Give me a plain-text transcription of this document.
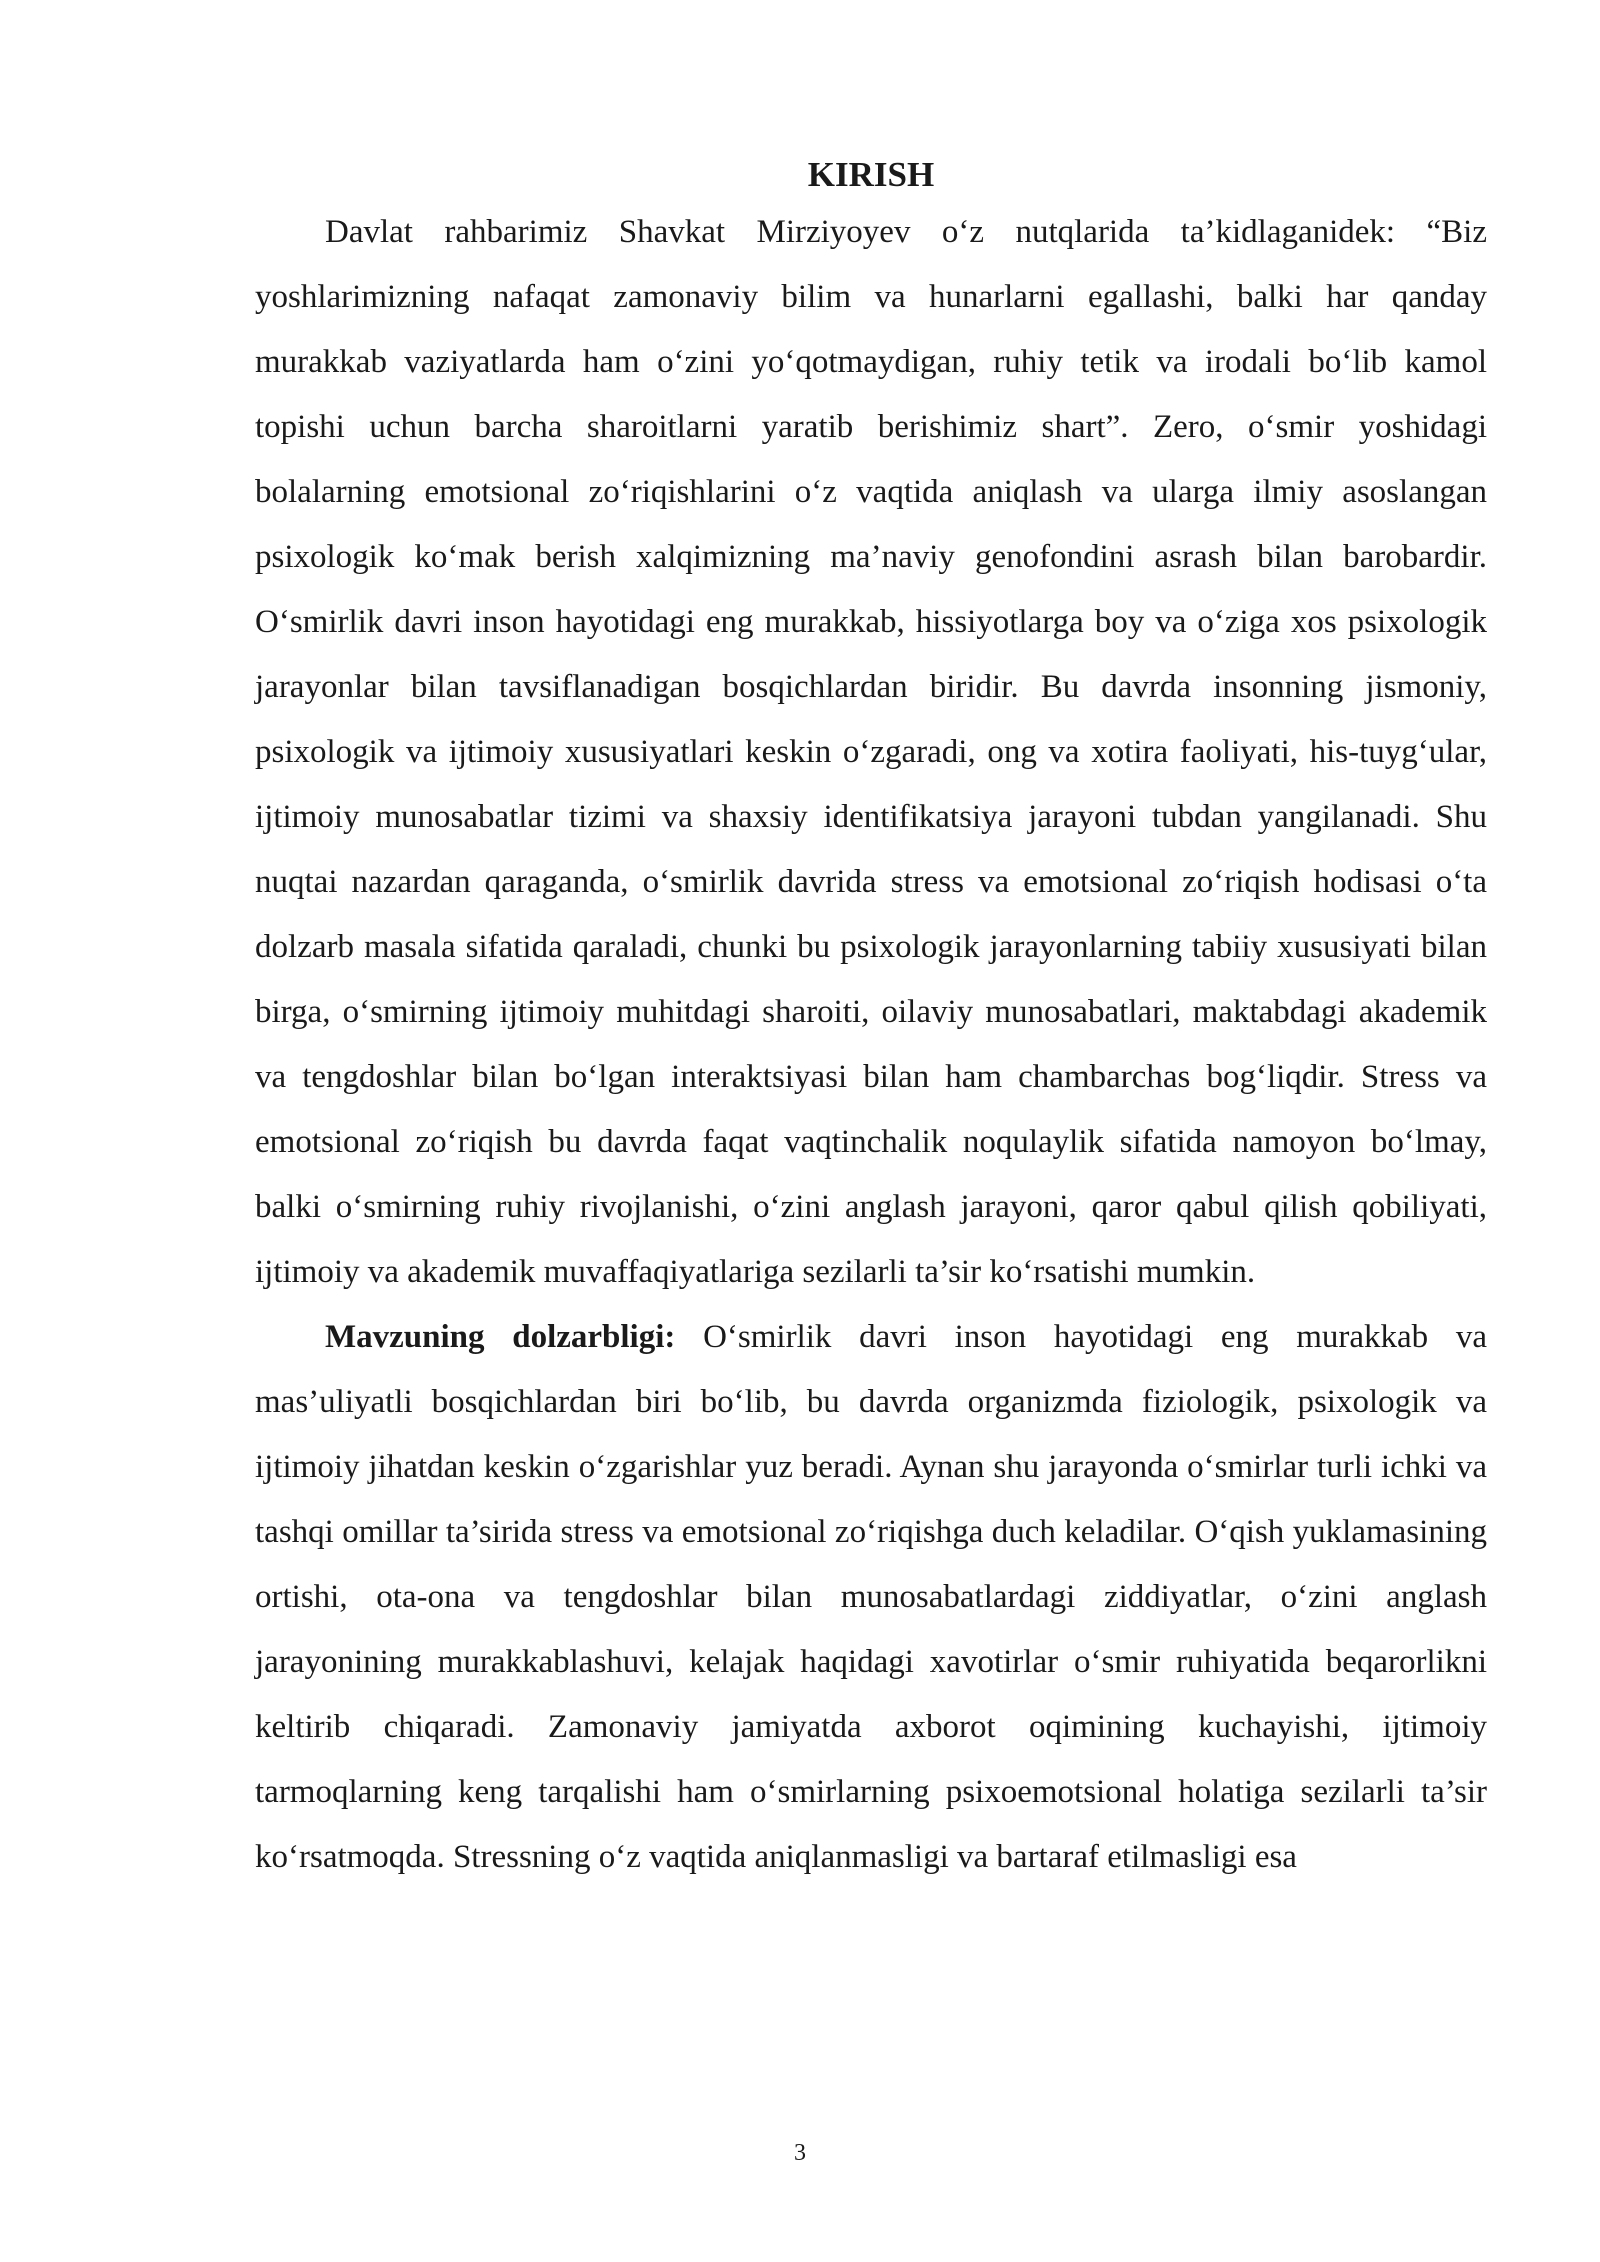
KIRISH

Davlat rahbarimiz Shavkat Mirziyoyev o‘z nutqlarida ta’kidlaganidek: “Biz yoshlarimizning nafaqat zamonaviy bilim va hunarlarni egallashi, balki har qanday murakkab vaziyatlarda ham o‘zini yo‘qotmaydigan, ruhiy tetik va irodali bo‘lib kamol topishi uchun barcha sharoitlarni yaratib berishimiz shart”. Zero, o‘smir yoshidagi bolalarning emotsional zo‘riqishlarini o‘z vaqtida aniqlash va ularga ilmiy asoslangan psixologik ko‘mak berish xalqimizning ma’naviy genofondini asrash bilan barobardir. O‘smirlik davri inson hayotidagi eng murakkab, hissiyotlarga boy va o‘ziga xos psixologik jarayonlar bilan tavsiflanadigan bosqichlardan biridir. Bu davrda insonning jismoniy, psixologik va ijtimoiy xususiyatlari keskin o‘zgaradi, ong va xotira faoliyati, his-tuyg‘ular, ijtimoiy munosabatlar tizimi va shaxsiy identifikatsiya jarayoni tubdan yangilanadi. Shu nuqtai nazardan qaraganda, o‘smirlik davrida stress va emotsional zo‘riqish hodisasi o‘ta dolzarb masala sifatida qaraladi, chunki bu psixologik jarayonlarning tabiiy xususiyati bilan birga, o‘smirning ijtimoiy muhitdagi sharoiti, oilaviy munosabatlari, maktabdagi akademik va tengdoshlar bilan bo‘lgan interaktsiyasi bilan ham chambarchas bog‘liqdir. Stress va emotsional zo‘riqish bu davrda faqat vaqtinchalik noqulaylik sifatida namoyon bo‘lmay, balki o‘smirning ruhiy rivojlanishi, o‘zini anglash jarayoni, qaror qabul qilish qobiliyati, ijtimoiy va akademik muvaffaqiyatlariga sezilarli ta’sir ko‘rsatishi mumkin.

Mavzuning dolzarbligi: O‘smirlik davri inson hayotidagi eng murakkab va mas’uliyatli bosqichlardan biri bo‘lib, bu davrda organizmda fiziologik, psixologik va ijtimoiy jihatdan keskin o‘zgarishlar yuz beradi. Aynan shu jarayonda o‘smirlar turli ichki va tashqi omillar ta’sirida stress va emotsional zo‘riqishga duch keladilar. O‘qish yuklamasining ortishi, ota-ona va tengdoshlar bilan munosabatlardagi ziddiyatlar, o‘zini anglash jarayonining murakkablashuvi, kelajak haqidagi xavotirlar o‘smir ruhiyatida beqarorlikni keltirib chiqaradi. Zamonaviy jamiyatda axborot oqimining kuchayishi, ijtimoiy tarmoqlarning keng tarqalishi ham o‘smirlarning psixoemotsional holatiga sezilarli ta’sir ko‘rsatmoqda. Stressning o‘z vaqtida aniqlanmasligi va bartaraf etilmasligi esa

3
